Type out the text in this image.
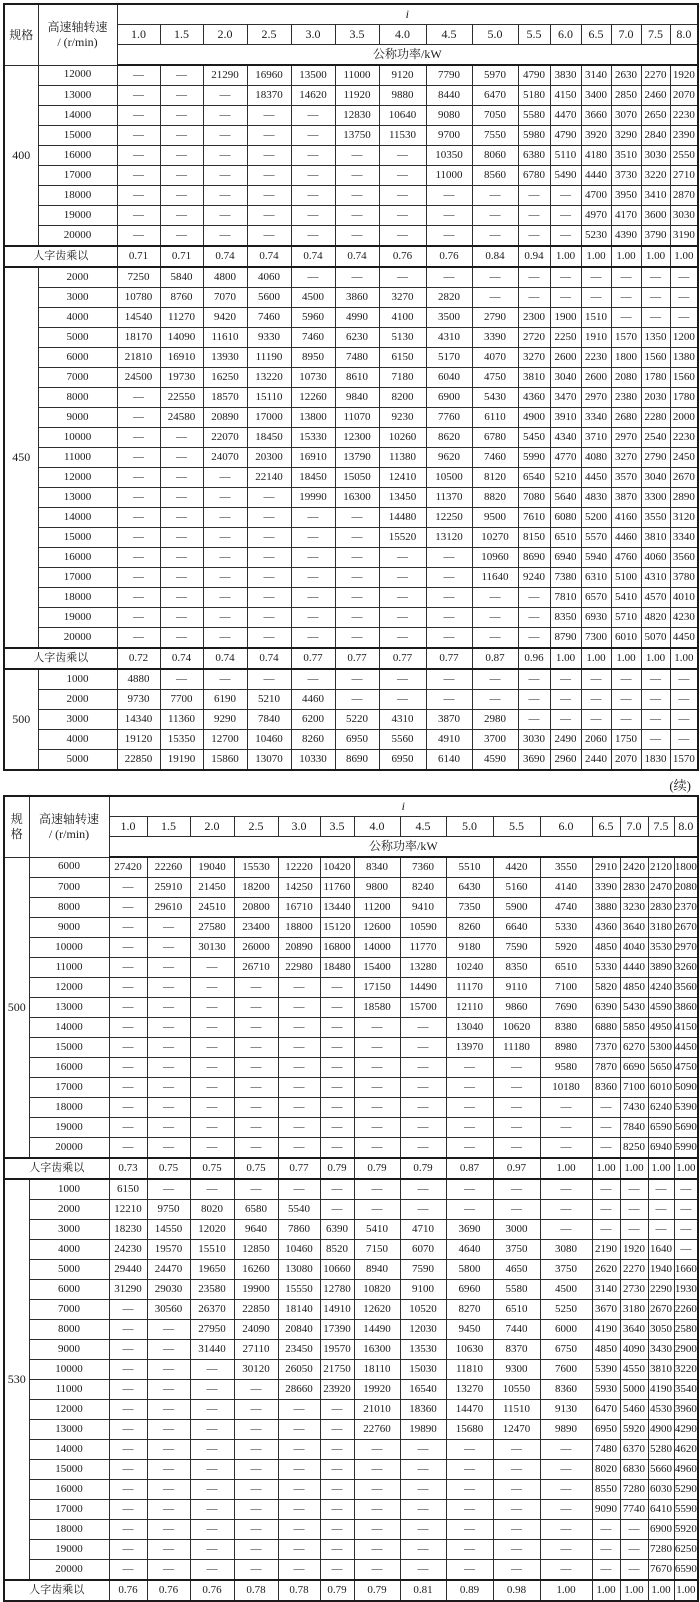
规格	高速轴转速
/ (r/min)	i														
		1.0	1.5	2.0	2.5	3.0	3.5	4.0	4.5	5.0	5.5	6.0	6.5	7.0	7.5	8.0
		公称功率/kW														
400	12000	—	—	21290	16960	13500	11000	9120	7790	5970	4790	3830	3140	2630	2270	1920
	13000	—	—	—	18370	14620	11920	9880	8440	6470	5180	4150	3400	2850	2460	2070
	14000	—	—	—	—	—	12830	10640	9080	7050	5580	4470	3660	3070	2650	2230
	15000	—	—	—	—	—	13750	11530	9700	7550	5980	4790	3920	3290	2840	2390
	16000	—	—	—	—	—	—	—	10350	8060	6380	5110	4180	3510	3030	2550
	17000	—	—	—	—	—	—	—	11000	8560	6780	5490	4440	3730	3220	2710
	18000	—	—	—	—	—	—	—	—	—	—	—	4700	3950	3410	2870
	19000	—	—	—	—	—	—	—	—	—	—	—	4970	4170	3600	3030
	20000	—	—	—	—	—	—	—	—	—	—	—	5230	4390	3790	3190
人字齿乘以		0.71	0.71	0.74	0.74	0.74	0.74	0.76	0.76	0.84	0.94	1.00	1.00	1.00	1.00	1.00
450	2000	7250	5840	4800	4060	—	—	—	—	—	—	—	—	—	—	—
	3000	10780	8760	7070	5600	4500	3860	3270	2820	—	—	—	—	—	—	—
	4000	14540	11270	9420	7460	5960	4990	4100	3500	2790	2300	1900	1510	—	—	—
	5000	18170	14090	11610	9330	7460	6230	5130	4310	3390	2720	2250	1910	1570	1350	1200
	6000	21810	16910	13930	11190	8950	7480	6150	5170	4070	3270	2600	2230	1800	1560	1380
	7000	24500	19730	16250	13220	10730	8610	7180	6040	4750	3810	3040	2600	2080	1780	1560
	8000	—	22550	18570	15110	12260	9840	8200	6900	5430	4360	3470	2970	2380	2030	1780
	9000	—	24580	20890	17000	13800	11070	9230	7760	6110	4900	3910	3340	2680	2280	2000
	10000	—	—	22070	18450	15330	12300	10260	8620	6780	5450	4340	3710	2970	2540	2230
	11000	—	—	24070	20300	16910	13790	11380	9620	7460	5990	4770	4080	3270	2790	2450
	12000	—	—	—	22140	18450	15050	12410	10500	8120	6540	5210	4450	3570	3040	2670
	13000	—	—	—	—	19990	16300	13450	11370	8820	7080	5640	4830	3870	3300	2890
	14000	—	—	—	—	—	—	14480	12250	9500	7610	6080	5200	4160	3550	3120
	15000	—	—	—	—	—	—	15520	13120	10270	8150	6510	5570	4460	3810	3340
	16000	—	—	—	—	—	—	—	—	10960	8690	6940	5940	4760	4060	3560
	17000	—	—	—	—	—	—	—	—	11640	9240	7380	6310	5100	4310	3780
	18000	—	—	—	—	—	—	—	—	—	—	7810	6570	5410	4570	4010
	19000	—	—	—	—	—	—	—	—	—	—	8350	6930	5710	4820	4230
	20000	—	—	—	—	—	—	—	—	—	—	8790	7300	6010	5070	4450
人字齿乘以		0.72	0.74	0.74	0.74	0.77	0.77	0.77	0.77	0.87	0.96	1.00	1.00	1.00	1.00	1.00
500	1000	4880	—	—	—	—	—	—	—	—	—	—	—	—	—	—
	2000	9730	7700	6190	5210	4460	—	—	—	—	—	—	—	—	—	—
	3000	14340	11360	9290	7840	6200	5220	4310	3870	2980	—	—	—	—	—	—
	4000	19120	15350	12700	10460	8260	6950	5560	4910	3700	3030	2490	2060	1750	—	—
	5000	22850	19190	15860	13070	10330	8690	6950	6140	4590	3690	2960	2440	2070	1830	1570
(续)
规格	高速轴转速
/ (r/min)	i														
		1.0	1.5	2.0	2.5	3.0	3.5	4.0	4.5	5.0	5.5	6.0	6.5	7.0	7.5	8.0
		公称功率/kW														
500	6000	27420	22260	19040	15530	12220	10420	8340	7360	5510	4420	3550	2910	2420	2120	1800
	7000	—	25910	21450	18200	14250	11760	9800	8240	6430	5160	4140	3390	2830	2470	2080
	8000	—	29610	24510	20800	16710	13440	11200	9410	7350	5900	4740	3880	3230	2830	2370
	9000	—	—	27580	23400	18800	15120	12600	10590	8260	6640	5330	4360	3640	3180	2670
	10000	—	—	30130	26000	20890	16800	14000	11770	9180	7590	5920	4850	4040	3530	2970
	11000	—	—	—	26710	22980	18480	15400	13280	10240	8350	6510	5330	4440	3890	3260
	12000	—	—	—	—	—	—	17150	14490	11170	9110	7100	5820	4850	4240	3560
	13000	—	—	—	—	—	—	18580	15700	12110	9860	7690	6390	5430	4590	3860
	14000	—	—	—	—	—	—	—	—	13040	10620	8380	6880	5850	4950	4150
	15000	—	—	—	—	—	—	—	—	13970	11180	8980	7370	6270	5300	4450
	16000	—	—	—	—	—	—	—	—	—	—	9580	7870	6690	5650	4750
	17000	—	—	—	—	—	—	—	—	—	—	10180	8360	7100	6010	5090
	18000	—	—	—	—	—	—	—	—	—	—	—	—	7430	6240	5390
	19000	—	—	—	—	—	—	—	—	—	—	—	—	7840	6590	5690
	20000	—	—	—	—	—	—	—	—	—	—	—	—	8250	6940	5990
人字齿乘以		0.73	0.75	0.75	0.75	0.77	0.79	0.79	0.79	0.87	0.97	1.00	1.00	1.00	1.00	1.00
530	1000	6150	—	—	—	—	—	—	—	—	—	—	—	—	—	—
	2000	12210	9750	8020	6580	5540	—	—	—	—	—	—	—	—	—	—
	3000	18230	14550	12020	9640	7860	6390	5410	4710	3690	3000	—	—	—	—	—
	4000	24230	19570	15510	12850	10460	8520	7150	6070	4640	3750	3080	2190	1920	1640	—
	5000	29440	24470	19650	16260	13080	10660	8940	7590	5800	4650	3750	2620	2270	1940	1660
	6000	31290	29030	23580	19900	15550	12780	10820	9100	6960	5580	4500	3140	2730	2290	1930
	7000	—	30560	26370	22850	18140	14910	12620	10520	8270	6510	5250	3670	3180	2670	2260
	8000	—	—	27950	24090	20840	17390	14490	12030	9450	7440	6000	4190	3640	3050	2580
	9000	—	—	31440	27110	23450	19570	16300	13530	10630	8370	6750	4850	4090	3430	2900
	10000	—	—	—	30120	26050	21750	18110	15030	11810	9300	7600	5390	4550	3810	3220
	11000	—	—	—	—	28660	23920	19920	16540	13270	10550	8360	5930	5000	4190	3540
	12000	—	—	—	—	—	—	21010	18360	14470	11510	9130	6470	5460	4530	3960
	13000	—	—	—	—	—	—	22760	19890	15680	12470	9890	6950	5920	4900	4290
	14000	—	—	—	—	—	—	—	—	—	—	—	7480	6370	5280	4620
	15000	—	—	—	—	—	—	—	—	—	—	—	8020	6830	5660	4960
	16000	—	—	—	—	—	—	—	—	—	—	—	8550	7280	6030	5290
	17000	—	—	—	—	—	—	—	—	—	—	—	9090	7740	6410	5590
	18000	—	—	—	—	—	—	—	—	—	—	—	—	—	6900	5920
	19000	—	—	—	—	—	—	—	—	—	—	—	—	—	7280	6250
	20000	—	—	—	—	—	—	—	—	—	—	—	—	—	7670	6590
人字齿乘以		0.76	0.76	0.76	0.78	0.78	0.79	0.79	0.81	0.89	0.98	1.00	1.00	1.00	1.00	1.00
